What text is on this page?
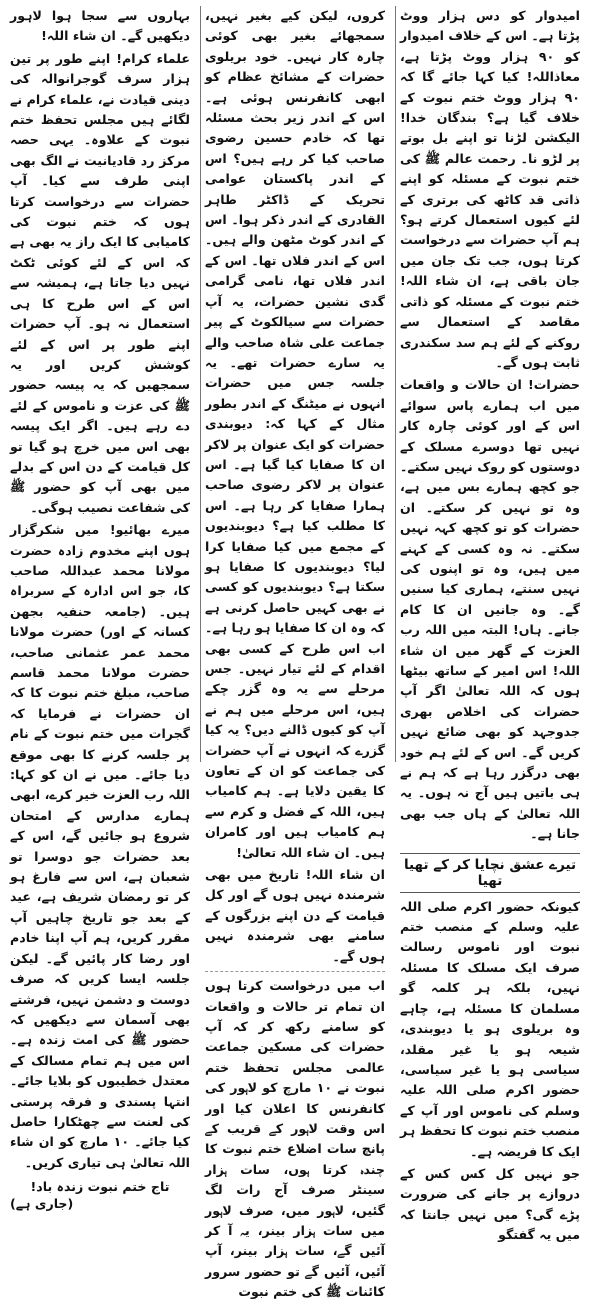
امیدوار کو دس ہزار ووٹ پڑتا ہے۔ اس کے خلاف امیدوار کو ۹۰ ہزار ووٹ پڑتا ہے، معاذاللہ! کیا کہا جائے گا کہ ۹۰ ہزار ووٹ ختم نبوت کے خلاف گیا ہے؟ بندگان خدا! الیکشن لڑنا تو اپنے بل بوتے پر لڑو نا۔ رحمت عالم ﷺ کی ختم نبوت کے مسئلہ کو اپنے ذاتی قد کاٹھ کی برتری کے لئے کیوں استعمال کرتے ہو؟ ہم آپ حضرات سے درخواست کرتا ہوں، جب تک جان میں جان باقی ہے، ان شاء اللہ! ختم نبوت کے مسئلہ کو ذاتی مقاصد کے استعمال سے روکنے کے لئے ہم سد سکندری ثابت ہوں گے۔

حضرات! ان حالات و واقعات میں اب ہمارے پاس سوائے اس کے اور کوئی چارہ کار نہیں تھا دوسرے مسلک کے دوستوں کو روک نہیں سکتے۔ جو کچھ ہمارے بس میں ہے، وہ تو نہیں کر سکتے۔ ان حضرات کو تو کچھ کہہ نہیں سکتے۔ نہ وہ کسی کے کہنے میں ہیں، وہ تو اپنوں کی نہیں سنتے، ہماری کیا سنیں گے۔ وہ جانیں ان کا کام جانے۔ ہاں! البتہ میں اللہ رب العزت کے گھر میں ان شاء اللہ! اس امیر کے ساتھ بیٹھا ہوں کہ اللہ تعالیٰ اگر آپ حضرات کی اخلاص بھری جدوجہد کو بھی ضائع نہیں کریں گے۔ اس کے لئے ہم خود بھی درگزر رہا ہے کہ ہم نے ہی باتیں ہیں آج نہ ہوں۔ یہ اللہ تعالیٰ کے ہاں جب بھی جانا ہے۔

تیرے عشق نچایا کر کے تھیا تھیا

کیونکہ حضور اکرم صلی اللہ علیہ وسلم کے منصب ختم نبوت اور ناموس رسالت صرف ایک مسلک کا مسئلہ نہیں، بلکہ ہر کلمہ گو مسلمان کا مسئلہ ہے، چاہے وہ بریلوی ہو یا دیوبندی، شیعہ ہو یا غیر مقلد، سیاسی ہو یا غیر سیاسی، حضور اکرم صلی اللہ علیہ وسلم کی ناموس اور آپ کے منصب ختم نبوت کا تحفظ ہر ایک کا فریضہ ہے۔

جو نہیں کل کس کس کے دروازے پر جانے کی ضرورت پڑے گی؟ میں نہیں جانتا کہ میں یہ گفتگو

کروں، لیکن کیے بغیر نہیں، سمجھائے بغیر بھی کوئی چارہ کار نہیں۔ خود بریلوی حضرات کے مشائخ عظام کو ابھی کانفرنس ہوئی ہے۔ اس کے اندر زیر بحث مسئلہ تھا کہ خادم حسین رضوی صاحب کیا کر رہے ہیں؟ اس کے اندر پاکستان عوامی تحریک کے ڈاکٹر طاہر القادری کے اندر ذکر ہوا۔ اس کے اندر کوٹ مٹھن والے ہیں۔ اس کے اندر فلاں تھا۔ اس کے اندر فلاں تھا، نامی گرامی گدی نشین حضرات، یہ آپ حضرات سے سیالکوٹ کے پیر جماعت علی شاہ صاحب والے یہ سارے حضرات تھے۔ یہ جلسہ جس میں حضرات انہوں نے میٹنگ کے اندر بطور مثال کے کہا کہ: دیوبندی حضرات کو ایک عنوان پر لاکر ان کا صفایا کیا گیا ہے۔ اس عنوان پر لاکر رضوی صاحب ہمارا صفایا کر رہا ہے۔ اس کا مطلب کیا ہے؟ دیوبندیوں کے مجمع میں کیا صفایا کرا لیا؟ دیوبندیوں کا صفایا ہو سکتا ہے؟ دیوبندیوں کو کسی نے بھی کہیں حاصل کرنی ہے کہ وہ ان کا صفایا ہو رہا ہے۔ اب اس طرح کے کسی بھی اقدام کے لئے تیار نہیں۔ جس مرحلے سے یہ وہ گزر چکے ہیں، اس مرحلے میں ہم نے آپ کو کیوں ڈالنے دیں؟ یہ کیا گزرے کہ انہوں نے آپ حضرات کی جماعت کو ان کے تعاون کا یقین دلایا ہے۔ ہم کامیاب ہیں، اللہ کے فضل و کرم سے ہم کامیاب ہیں اور کامران ہیں۔ ان شاء اللہ تعالیٰ!

ان شاء اللہ! تاریخ میں بھی شرمندہ نہیں ہوں گے اور کل قیامت کے دن اپنے بزرگوں کے سامنے بھی شرمندہ نہیں ہوں گے۔

اب میں درخواست کرتا ہوں ان تمام تر حالات و واقعات کو سامنے رکھ کر کہ آپ حضرات کی مسکین جماعت عالمی مجلس تحفظ ختم نبوت نے ۱۰ مارچ کو لاہور کی کانفرنس کا اعلان کیا اور اس وقت لاہور کے قریب کے پانچ سات اضلاع ختم نبوت کا چندہ کرتا ہوں، سات ہزار سینٹر صرف آج رات لگ گئیں، لاہور میں، صرف لاہور میں سات ہزار بینر، یہ آ کر آئیں گے، سات ہزار بینر، آپ آئیں، آئیں گے تو حضور سرور کائنات ﷺ کی ختم نبوت

بہاروں سے سجا ہوا لاہور دیکھیں گے۔ ان شاء اللہ!

علماء کرام! اپنے طور پر تین ہزار سرف گوجرانوالہ کی دینی قیادت نے، علماء کرام نے لگائے ہیں مجلس تحفظ ختم نبوت کے علاوہ۔ یہی حصہ مرکز رد قادیانیت نے الگ بھی اپنی طرف سے کیا۔ آپ حضرات سے درخواست کرتا ہوں کہ ختم نبوت کی کامیابی کا ایک راز یہ بھی ہے کہ اس کے لئے کوئی ٹکٹ نہیں دیا جاتا ہے، ہمیشہ سے اس کے اس طرح کا ہی استعمال نہ ہو۔ آپ حضرات اپنے طور پر اس کے لئے کوشش کریں اور یہ سمجھیں کہ یہ پیسہ حضور ﷺ کی عزت و ناموس کے لئے دے رہے ہیں۔ اگر ایک پیسہ بھی اس میں خرچ ہو گیا تو کل قیامت کے دن اس کے بدلے میں بھی آپ کو حضور ﷺ کی شفاعت نصیب ہوگی۔

میرے بھائیو! میں شکرگزار ہوں اپنے مخدوم زادہ حضرت مولانا محمد عبداللہ صاحب کا، جو اس ادارہ کے سربراہ ہیں۔ (جامعہ حنفیہ بجھن کسانہ کے اور) حضرت مولانا محمد عمر عثمانی صاحب، حضرت مولانا محمد قاسم صاحب، مبلغ ختم نبوت کا کہ ان حضرات نے فرمایا کہ گجرات میں ختم نبوت کے نام پر جلسہ کرنے کا بھی موقع دیا جائے۔ میں نے ان کو کہا: اللہ رب العزت خیر کرے، ابھی ہمارے مدارس کے امتحان شروع ہو جائیں گے، اس کے بعد حضرات جو دوسرا تو شعبان ہے، اس سے فارغ ہو کر تو رمضان شریف ہے، عید کے بعد جو تاریخ چاہیں آپ مقرر کریں، ہم آپ اپنا خادم اور رضا کار پائیں گے۔ لیکن جلسہ ایسا کریں کہ صرف دوست و دشمن نہیں، فرشتے بھی آسمان سے دیکھیں کہ حضور ﷺ کی امت زندہ ہے۔ اس میں ہم تمام مسالک کے معتدل خطیبوں کو بلایا جائے۔ انتہا پسندی و فرقہ پرستی کی لعنت سے چھٹکارا حاصل کیا جائے۔ ۱۰ مارچ کو ان شاء اللہ تعالیٰ ہی تیاری کریں۔

تاج ختم نبوت زندہ باد!
(جاری ہے)
